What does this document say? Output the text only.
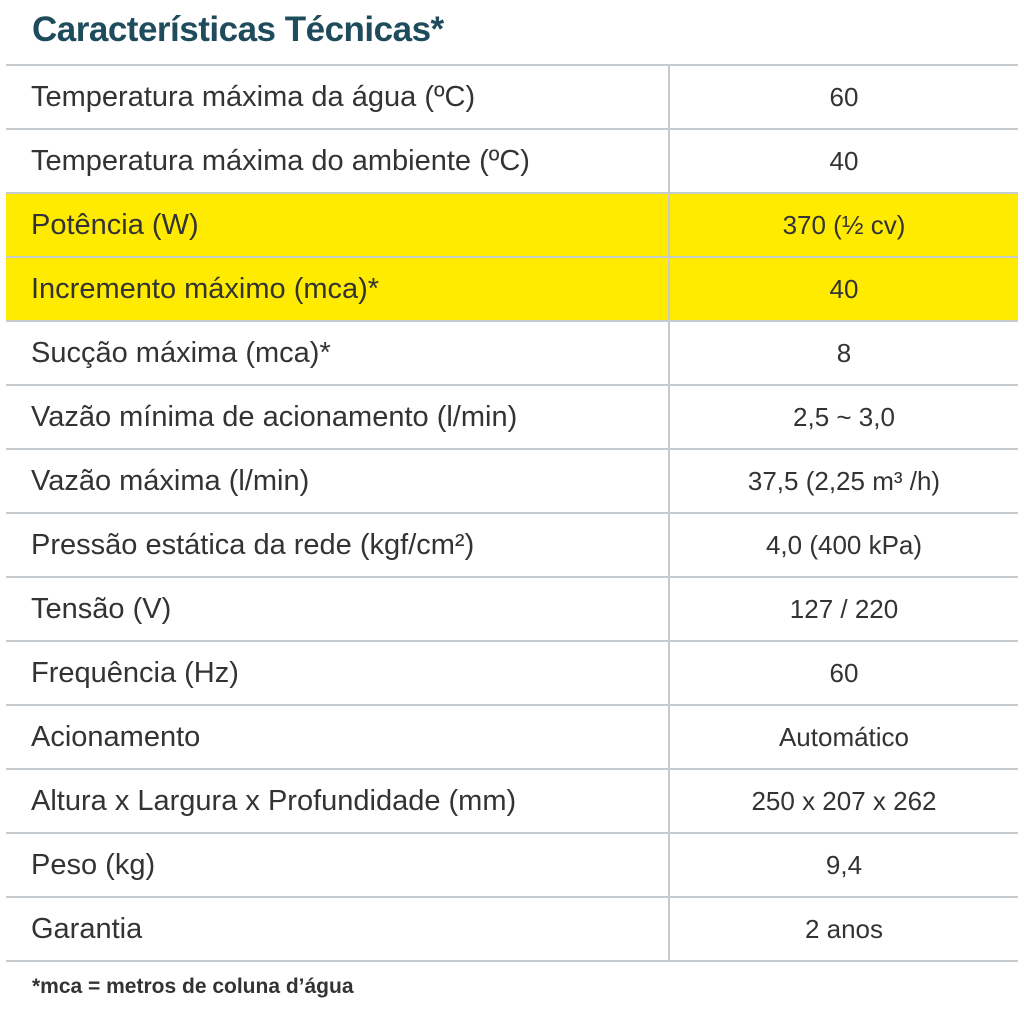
Características Técnicas*
Temperatura máxima da água (ºC)	60
Temperatura máxima do ambiente (ºC)	40
Potência (W)	370 (½ cv)
Incremento máximo (mca)*	40
Sucção máxima (mca)*	8
Vazão mínima de acionamento (l/min)	2,5 ~ 3,0
Vazão máxima (l/min)	37,5 (2,25 m³ /h)
Pressão estática da rede (kgf/cm²)	4,0 (400 kPa)
Tensão (V)	127 / 220
Frequência (Hz)	60
Acionamento	Automático
Altura x Largura x Profundidade (mm)	250 x 207 x 262
Peso (kg)	9,4
Garantia	2 anos
*mca = metros de coluna d’água
